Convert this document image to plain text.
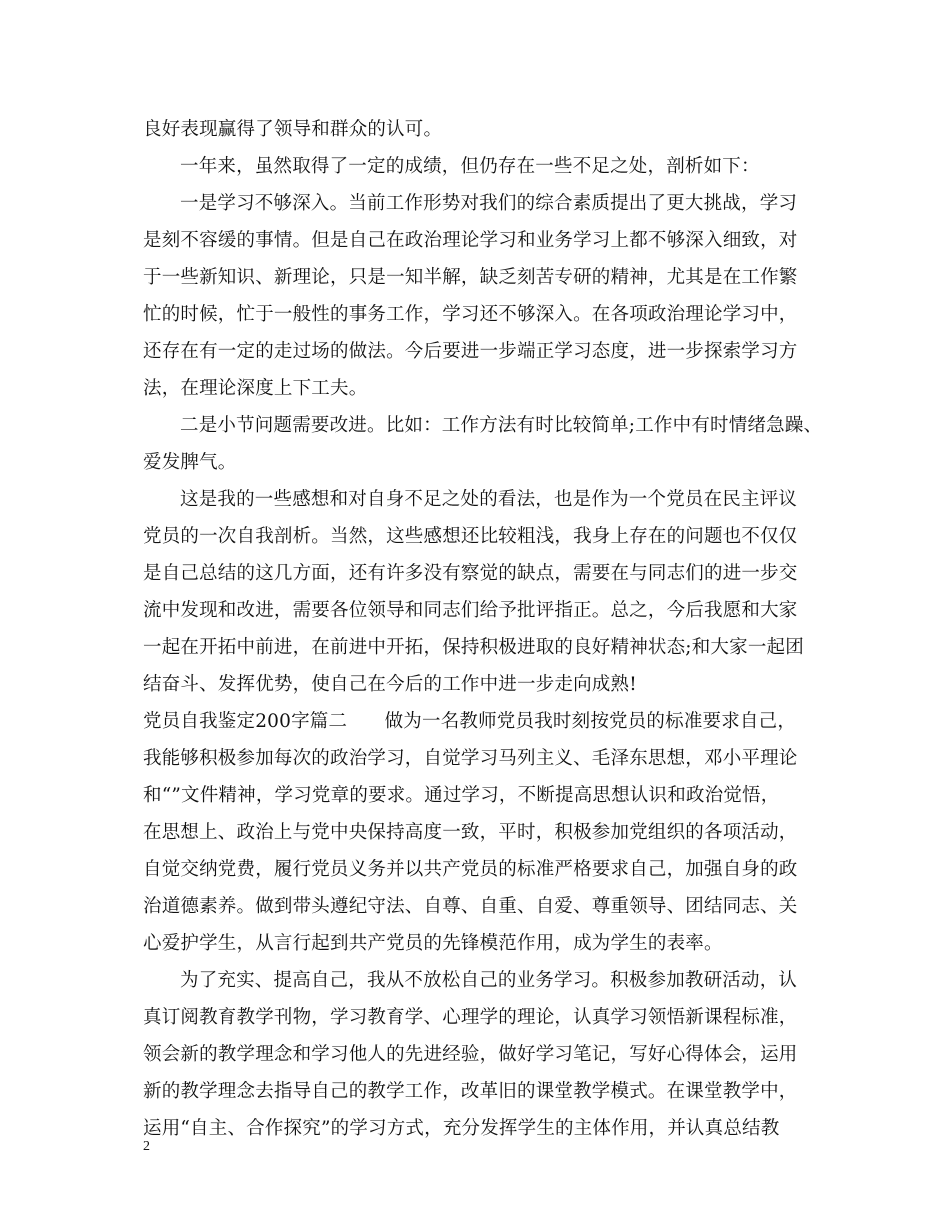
良好表现赢得了领导和群众的认可。
一年来，虽然取得了一定的成绩，但仍存在一些不足之处，剖析如下：
一是学习不够深入。当前工作形势对我们的综合素质提出了更大挑战，学习
是刻不容缓的事情。但是自己在政治理论学习和业务学习上都不够深入细致，对
于一些新知识、新理论，只是一知半解，缺乏刻苦专研的精神，尤其是在工作繁
忙的时候，忙于一般性的事务工作，学习还不够深入。在各项政治理论学习中，
还存在有一定的走过场的做法。今后要进一步端正学习态度，进一步探索学习方
法，在理论深度上下工夫。
二是小节问题需要改进。比如：工作方法有时比较简单;工作中有时情绪急躁、
爱发脾气。
这是我的一些感想和对自身不足之处的看法，也是作为一个党员在民主评议
党员的一次自我剖析。当然，这些感想还比较粗浅，我身上存在的问题也不仅仅
是自己总结的这几方面，还有许多没有察觉的缺点，需要在与同志们的进一步交
流中发现和改进，需要各位领导和同志们给予批评指正。总之，今后我愿和大家
一起在开拓中前进，在前进中开拓，保持积极进取的良好精神状态;和大家一起团
结奋斗、发挥优势，使自己在今后的工作中进一步走向成熟!
党员自我鉴定200字篇二　　做为一名教师党员我时刻按党员的标准要求自己，
我能够积极参加每次的政治学习，自觉学习马列主义、毛泽东思想，邓小平理论
和“”文件精神，学习党章的要求。通过学习，不断提高思想认识和政治觉悟，
在思想上、政治上与党中央保持高度一致，平时，积极参加党组织的各项活动，
自觉交纳党费，履行党员义务并以共产党员的标准严格要求自己，加强自身的政
治道德素养。做到带头遵纪守法、自尊、自重、自爱、尊重领导、团结同志、关
心爱护学生，从言行起到共产党员的先锋模范作用，成为学生的表率。
为了充实、提高自己，我从不放松自己的业务学习。积极参加教研活动，认
真订阅教育教学刊物，学习教育学、心理学的理论，认真学习领悟新课程标准，
领会新的教学理念和学习他人的先进经验，做好学习笔记，写好心得体会，运用
新的教学理念去指导自己的教学工作，改革旧的课堂教学模式。在课堂教学中，
运用“自主、合作探究”的学习方式，充分发挥学生的主体作用，并认真总结教
2
